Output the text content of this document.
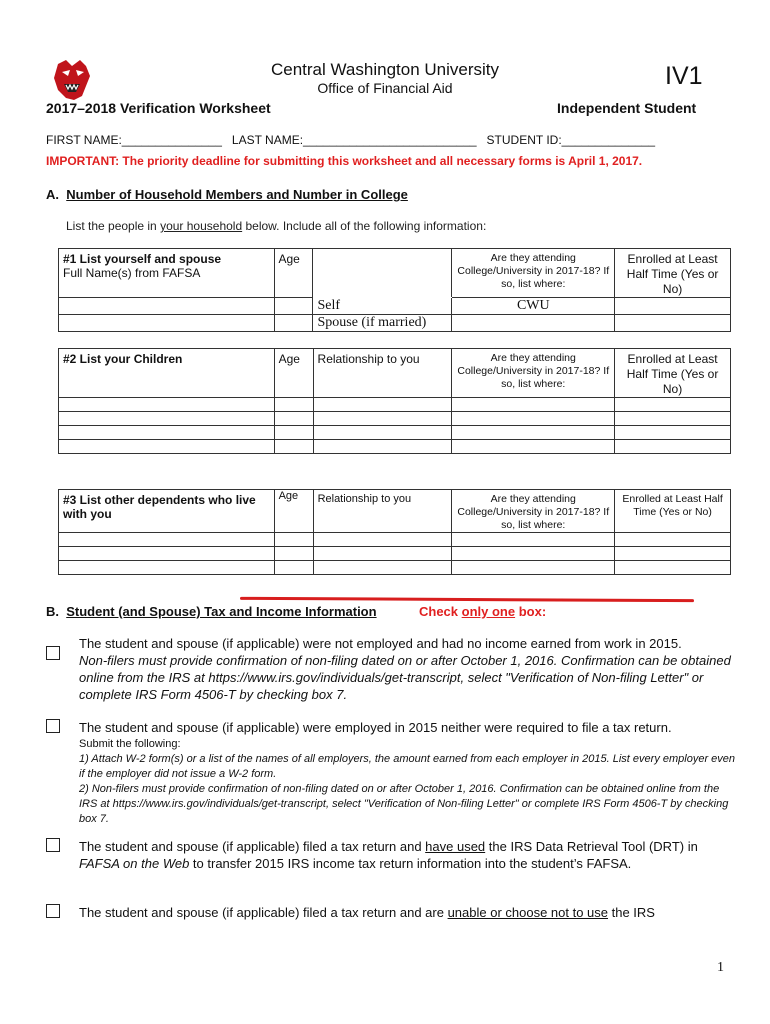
Central Washington University
Office of Financial Aid	IV1
2017–2018 Verification Worksheet	Independent Student
FIRST NAME:_______________   LAST NAME:__________________________   STUDENT ID:______________
IMPORTANT: The priority deadline for submitting this worksheet and all necessary forms is April 1, 2017.
A. Number of Household Members and Number in College
List the people in your household below. Include all of the following information:
#1 List yourself and spouse
Full Name(s) from FAFSA	Age		Are they attending College/University in 2017-18? If so, list where:	Enrolled at Least Half Time (Yes or No)
		Self	CWU	
		Spouse (if married)		
#2 List your Children	Age	Relationship to you	Are they attending College/University in 2017-18? If so, list where:	Enrolled at Least Half Time (Yes or No)

#3 List other dependents who live with you	Age	Relationship to you	Are they attending College/University in 2017-18? If so, list where:	Enrolled at Least Half Time (Yes or No)

B. Student (and Spouse) Tax and Income Information	Check only one box:
The student and spouse (if applicable) were not employed and had no income earned from work in 2015.
Non-filers must provide confirmation of non-filing dated on or after October 1, 2016. Confirmation can be obtained online from the IRS at https://www.irs.gov/individuals/get-transcript, select "Verification of Non-filing Letter" or complete IRS Form 4506-T by checking box 7.
The student and spouse (if applicable) were employed in 2015 neither were required to file a tax return.
Submit the following:
1) Attach W-2 form(s) or a list of the names of all employers, the amount earned from each employer in 2015. List every employer even if the employer did not issue a W-2 form.
2) Non-filers must provide confirmation of non-filing dated on or after October 1, 2016. Confirmation can be obtained online from the IRS at https://www.irs.gov/individuals/get-transcript, select "Verification of Non-filing Letter" or complete IRS Form 4506-T by checking box 7.
The student and spouse (if applicable) filed a tax return and have used the IRS Data Retrieval Tool (DRT) in FAFSA on the Web to transfer 2015 IRS income tax return information into the student’s FAFSA.
The student and spouse (if applicable) filed a tax return and are unable or choose not to use the IRS
1
